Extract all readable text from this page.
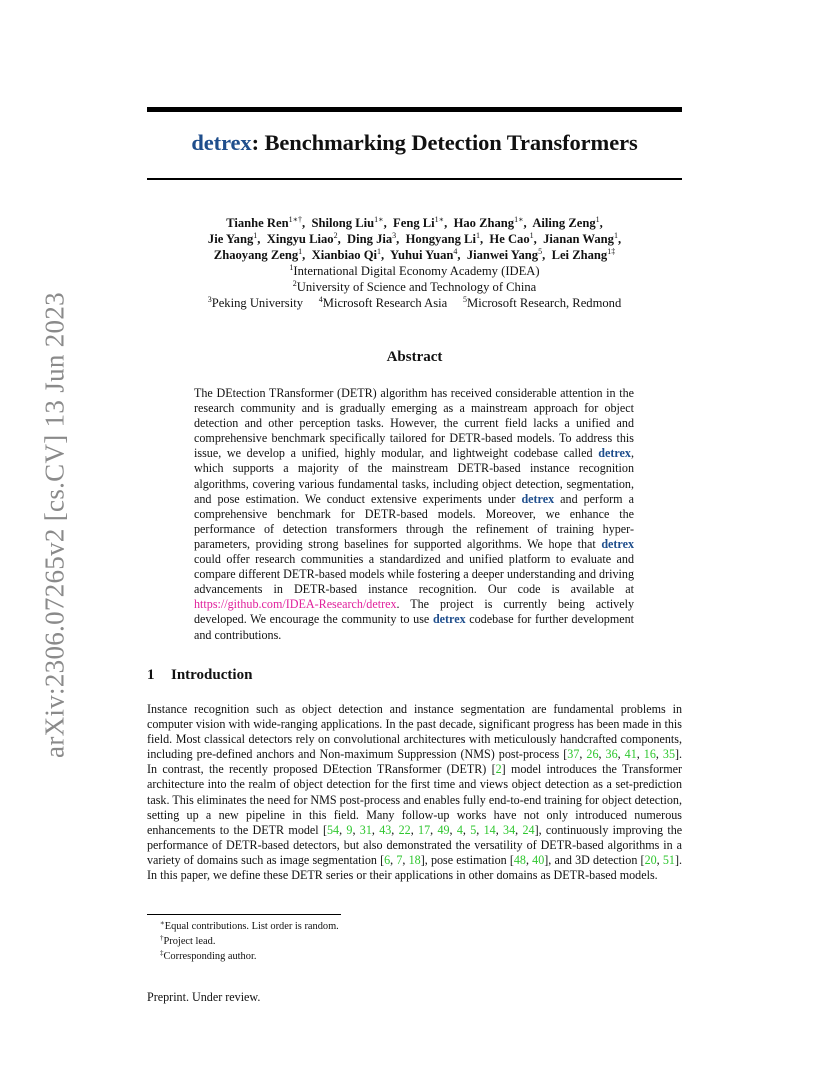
arXiv:2306.07265v2 [cs.CV] 13 Jun 2023
detrex: Benchmarking Detection Transformers
Tianhe Ren$^{1∗\dagger}$,  Shilong Liu$^{1∗}$,  Feng $Li^{1∗}$,  Hao Zhang$^{1∗}$,  Ailing Zeng$^1$,
Jie Yang$^1$,  Xingyu Liao$^2$,  Ding Jia$^3$,  Hongyang Li$^1$,  He Cao$^1$,  Jianan Wang$^1$,
Zhaoyang Zeng$^1$,  Xianbiao Qi$^1$,  Yuhui Yuan$^4$,  Jianwei Yang$^5$,  Lei Zhang$^{1\ddagger}$
$^1$International Digital Economy Academy (IDEA)
$^2$University of Science and Technology of China
$^3$Peking University $^4$Microsoft Research Asia $^5$Microsoft Research, Redmond
Abstract
The DEtection TRansformer (DETR) algorithm has received considerable attention in the research community and is gradually emerging as a mainstream approach for object detection and other perception tasks. However, the current field lacks a unified and comprehensive benchmark specifically tailored for DETR-based models. To address this issue, we develop a unified, highly modular, and lightweight codebase called detrex, which supports a majority of the mainstream DETR-based instance recognition algorithms, covering various fundamental tasks, including object detection, segmentation, and pose estimation. We conduct extensive experiments under detrex and perform a comprehensive benchmark for DETR-based models. Moreover, we enhance the performance of detection transformers through the refinement of training hyper-parameters, providing strong baselines for supported algorithms. We hope that detrex could offer research communities a standardized and unified platform to evaluate and compare different DETR-based models while fostering a deeper understanding and driving advancements in DETR-based instance recognition. Our code is available at https://github.com/IDEA-Research/detrex. The project is currently being actively developed. We encourage the community to use detrex codebase for further development and contributions.
1 Introduction
Instance recognition such as object detection and instance segmentation are fundamental problems in computer vision with wide-ranging applications. In the past decade, significant progress has been made in this field. Most classical detectors rely on convolutional architectures with meticulously handcrafted components, including pre-defined anchors and Non-maximum Suppression (NMS) post-process [37, 26, 36, 41, 16, 35]. In contrast, the recently proposed DEtection TRansformer (DETR) [2] model introduces the Transformer architecture into the realm of object detection for the first time and views object detection as a set-prediction task. This eliminates the need for NMS post-process and enables fully end-to-end training for object detection, setting up a new pipeline in this field. Many follow-up works have not only introduced numerous enhancements to the DETR model [54, 9, 31, 43, 22, 17, 49, 4, 5, 14, 34, 24], continuously improving the performance of DETR-based detectors, but also demonstrated the versatility of DETR-based algorithms in a variety of domains such as image segmentation [6, 7, 18], pose estimation [48, 40], and 3D detection [20, 51]. In this paper, we define these DETR series or their applications in other domains as DETR-based models.
∗Equal contributions. List order is random.
†Project lead.
‡Corresponding author.
Preprint. Under review.
